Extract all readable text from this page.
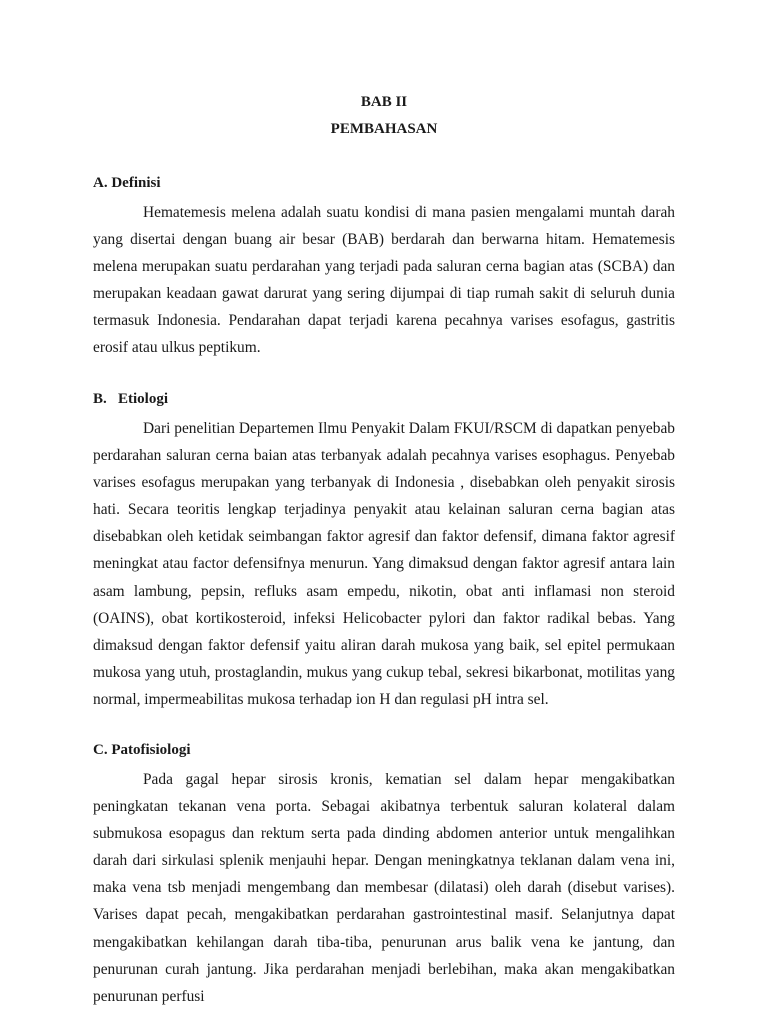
BAB II
PEMBAHASAN
A. Definisi

Hematemesis melena adalah suatu kondisi di mana pasien mengalami muntah darah yang disertai dengan buang air besar (BAB) berdarah dan berwarna hitam. Hematemesis melena merupakan suatu perdarahan yang terjadi pada saluran cerna bagian atas (SCBA) dan merupakan keadaan gawat darurat yang sering dijumpai di tiap rumah sakit di seluruh dunia termasuk Indonesia. Pendarahan dapat terjadi karena pecahnya varises esofagus, gastritis erosif atau ulkus peptikum.

B.   Etiologi

Dari penelitian Departemen Ilmu Penyakit Dalam FKUI/RSCM di dapatkan penyebab perdarahan saluran cerna baian atas terbanyak adalah pecahnya varises esophagus. Penyebab varises esofagus merupakan yang terbanyak di Indonesia , disebabkan oleh penyakit sirosis hati. Secara teoritis lengkap terjadinya penyakit atau kelainan saluran cerna bagian atas disebabkan oleh ketidak seimbangan faktor agresif dan faktor defensif, dimana faktor agresif meningkat atau factor defensifnya menurun. Yang dimaksud dengan faktor agresif antara lain asam lambung, pepsin, refluks asam empedu, nikotin, obat anti inflamasi non steroid (OAINS), obat kortikosteroid, infeksi Helicobacter pylori dan faktor radikal bebas. Yang dimaksud dengan faktor defensif yaitu aliran darah mukosa yang baik, sel epitel permukaan mukosa yang utuh, prostaglandin, mukus yang cukup tebal, sekresi bikarbonat, motilitas yang normal, impermeabilitas mukosa terhadap ion H dan regulasi pH intra sel.

C. Patofisiologi

Pada gagal hepar sirosis kronis, kematian sel dalam hepar mengakibatkan peningkatan tekanan vena porta. Sebagai akibatnya terbentuk saluran kolateral dalam submukosa esopagus dan rektum serta pada dinding abdomen anterior untuk mengalihkan darah dari sirkulasi splenik menjauhi hepar. Dengan meningkatnya teklanan dalam vena ini, maka vena tsb menjadi mengembang dan membesar (dilatasi) oleh darah (disebut varises). Varises dapat pecah, mengakibatkan perdarahan gastrointestinal masif. Selanjutnya dapat mengakibatkan kehilangan darah tiba-tiba, penurunan arus balik vena ke jantung, dan penurunan curah jantung. Jika perdarahan menjadi berlebihan, maka akan mengakibatkan penurunan perfusi
